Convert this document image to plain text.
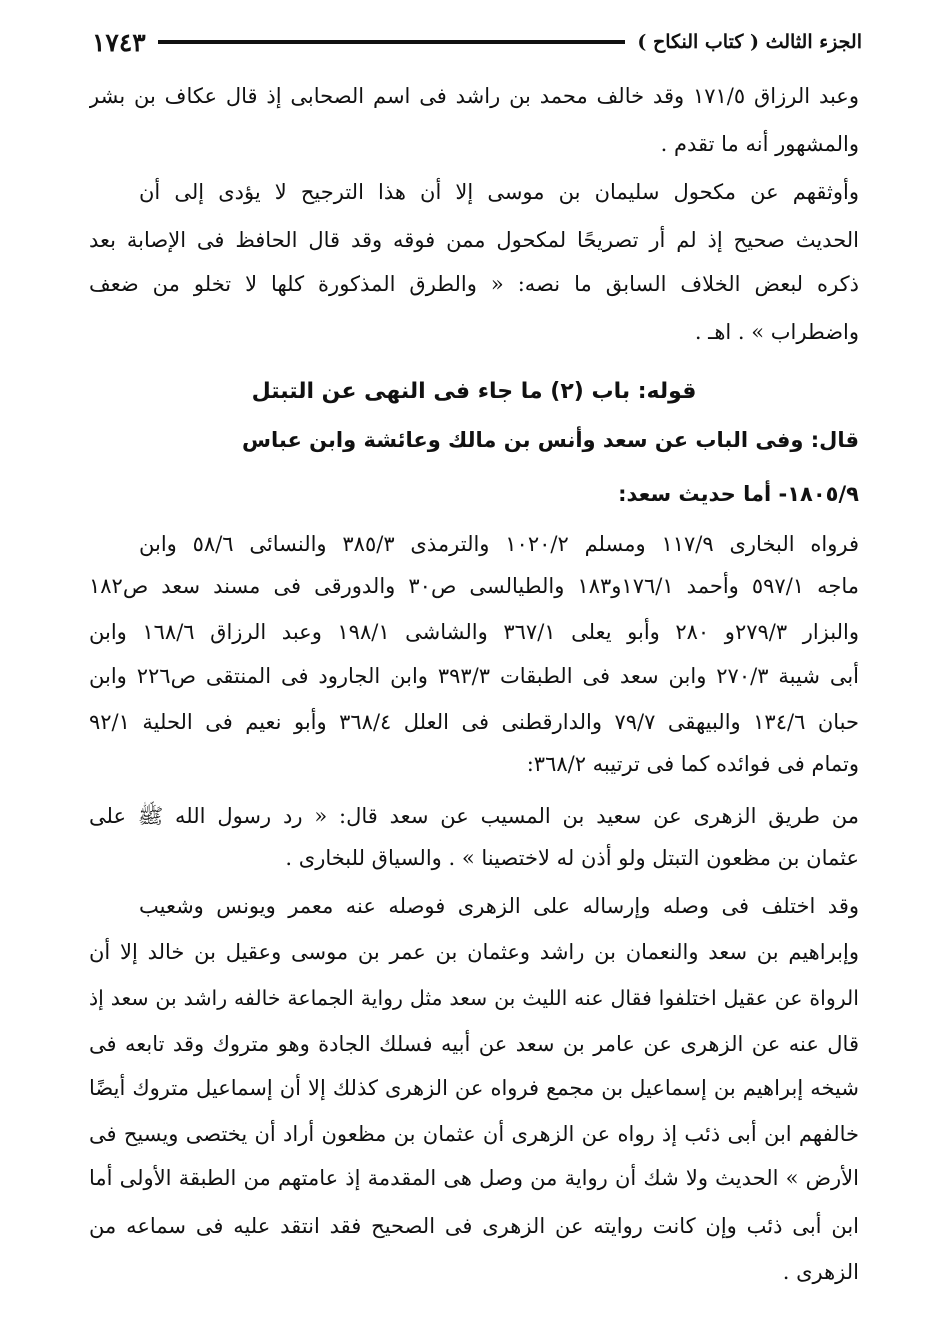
الجزء الثالث ( كتاب النكاح )
١٧٤٣
وعبد الرزاق ١٧١/٥ وقد خالف محمد بن راشد فى اسم الصحابى إذ قال عكاف بن بشر
والمشهور أنه ما تقدم .
وأوثقهم عن مكحول سليمان بن موسى إلا أن هذا الترجيح لا يؤدى إلى أن
الحديث صحيح إذ لم أر تصريحًا لمكحول ممن فوقه وقد قال الحافظ فى الإصابة بعد
ذكره لبعض الخلاف السابق ما نصه: « والطرق المذكورة كلها لا تخلو من ضعف
واضطراب » . اهـ .
قوله: باب (٢) ما جاء فى النهى عن التبتل
قال: وفى الباب عن سعد وأنس بن مالك وعائشة وابن عباس
١٨٠٥/٩- أما حديث سعد:
فرواه البخارى ١١٧/٩ ومسلم ١٠٢٠/٢ والترمذى ٣٨٥/٣ والنسائى ٥٨/٦ وابن
ماجه ٥٩٧/١ وأحمد ١٧٦/١و١٨٣ والطيالسى ص٣٠ والدورقى فى مسند سعد ص١٨٢
والبزار ٢٧٩/٣و ٢٨٠ وأبو يعلى ٣٦٧/١ والشاشى ١٩٨/١ وعبد الرزاق ١٦٨/٦ وابن
أبى شيبة ٢٧٠/٣ وابن سعد فى الطبقات ٣٩٣/٣ وابن الجارود فى المنتقى ص٢٢٦ وابن
حبان ١٣٤/٦ والبيهقى ٧٩/٧ والدارقطنى فى العلل ٣٦٨/٤ وأبو نعيم فى الحلية ٩٢/١
وتمام فى فوائده كما فى ترتيبه ٣٦٨/٢:
من طريق الزهرى عن سعيد بن المسيب عن سعد قال: « رد رسول الله ﷺ على
عثمان بن مظعون التبتل ولو أذن له لاختصينا » . والسياق للبخارى .
وقد اختلف فى وصله وإرساله على الزهرى فوصله عنه معمر ويونس وشعيب
وإبراهيم بن سعد والنعمان بن راشد وعثمان بن عمر بن موسى وعقيل بن خالد إلا أن
الرواة عن عقيل اختلفوا فقال عنه الليث بن سعد مثل رواية الجماعة خالفه راشد بن سعد إذ
قال عنه عن الزهرى عن عامر بن سعد عن أبيه فسلك الجادة وهو متروك وقد تابعه فى
شيخه إبراهيم بن إسماعيل بن مجمع فرواه عن الزهرى كذلك إلا أن إسماعيل متروك أيضًا
خالفهم ابن أبى ذئب إذ رواه عن الزهرى أن عثمان بن مظعون أراد أن يختصى ويسيح فى
الأرض » الحديث ولا شك أن رواية من وصل هى المقدمة إذ عامتهم من الطبقة الأولى أما
ابن أبى ذئب وإن كانت روايته عن الزهرى فى الصحيح فقد انتقد عليه فى سماعه من
الزهرى .
